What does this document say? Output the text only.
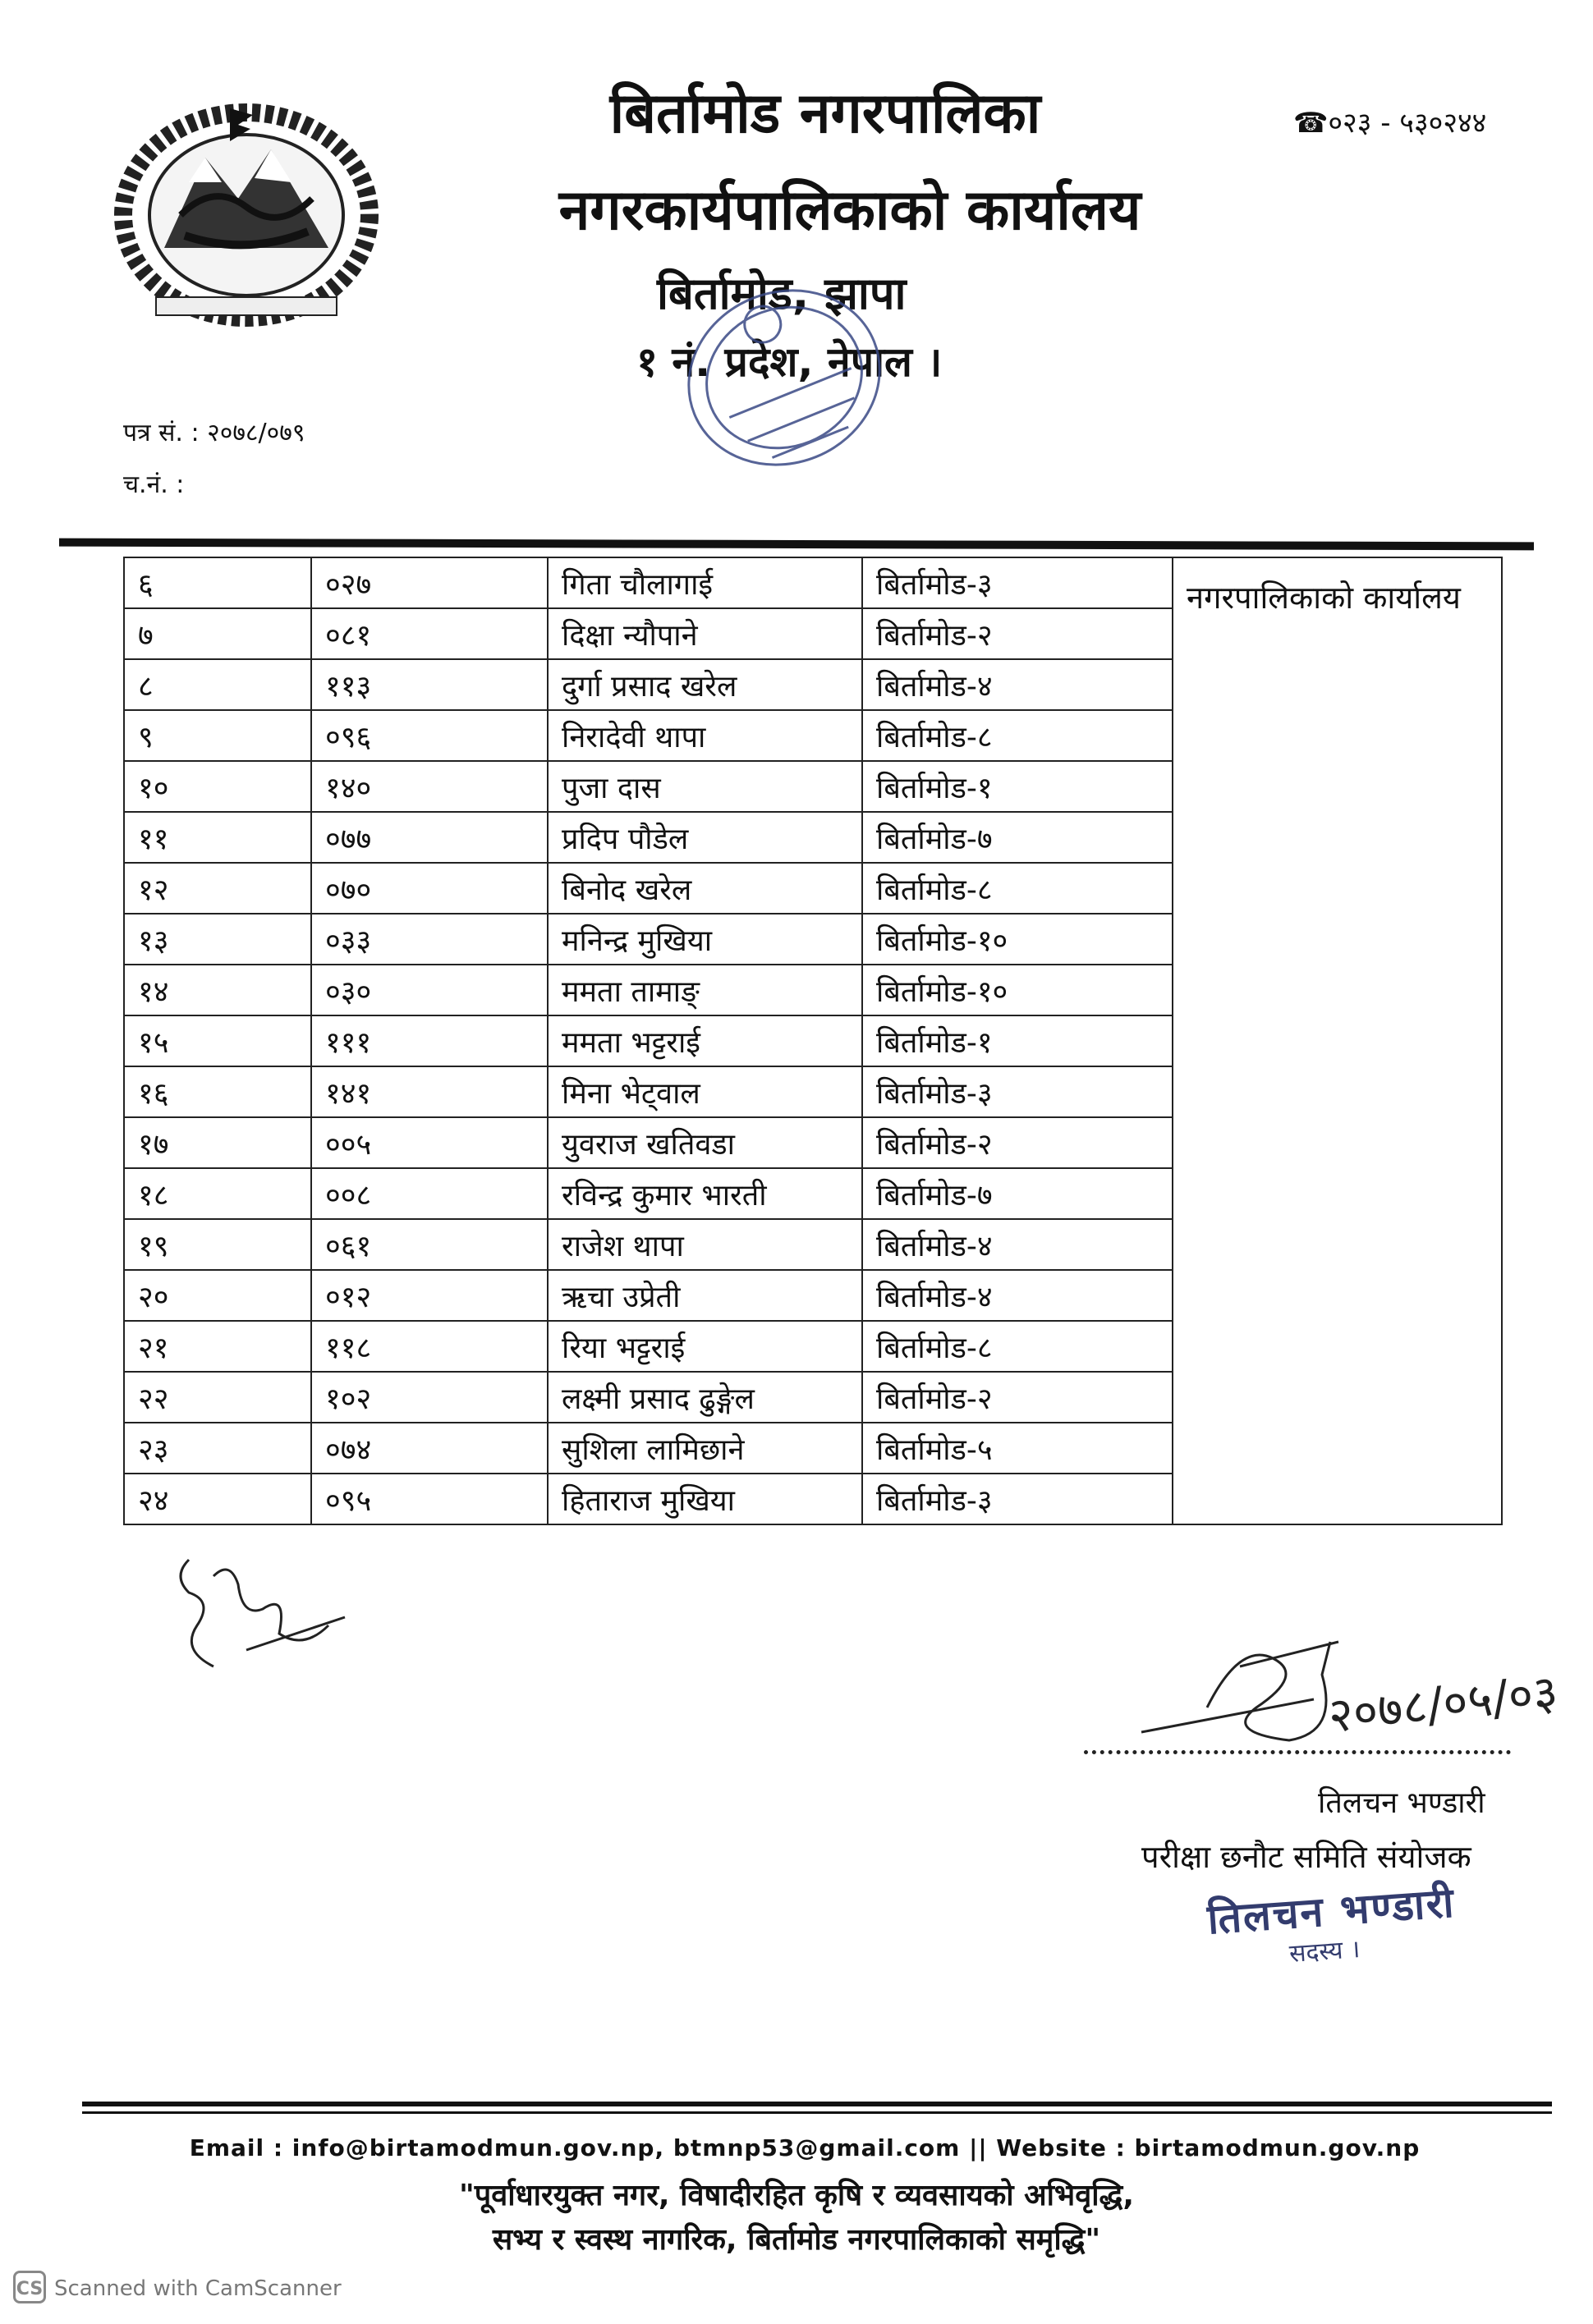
बिर्तामोड नगरपालिका
नगरकार्यपालिकाको कार्यालय
बिर्तामोड, झापा
१ नं. प्रदेश, नेपाल ।
☎०२३ - ५३०२४४
पत्र सं. : २०७८/०७९
च.नं. :
६	०२७	गिता चौलागाई	बिर्तामोड-३	नगरपालिकाको कार्यालय
७	०८१	दिक्षा न्यौपाने	बिर्तामोड-२	
८	११३	दुर्गा प्रसाद खरेल	बिर्तामोड-४	
९	०९६	निरादेवी थापा	बिर्तामोड-८	
१०	१४०	पुजा दास	बिर्तामोड-१	
११	०७७	प्रदिप पौडेल	बिर्तामोड-७	
१२	०७०	बिनोद खरेल	बिर्तामोड-८	
१३	०३३	मनिन्द्र मुखिया	बिर्तामोड-१०	
१४	०३०	ममता तामाङ्	बिर्तामोड-१०	
१५	१११	ममता भट्टराई	बिर्तामोड-१	
१६	१४१	मिना भेट्वाल	बिर्तामोड-३	
१७	००५	युवराज खतिवडा	बिर्तामोड-२	
१८	००८	रविन्द्र कुमार भारती	बिर्तामोड-७	
१९	०६१	राजेश थापा	बिर्तामोड-४	
२०	०१२	ऋचा उप्रेती	बिर्तामोड-४	
२१	११८	रिया भट्टराई	बिर्तामोड-८	
२२	१०२	लक्ष्मी प्रसाद ढुङ्गेल	बिर्तामोड-२	
२३	०७४	सुशिला लामिछाने	बिर्तामोड-५	
२४	०९५	हिताराज मुखिया	बिर्तामोड-३	
२०७८/०५/०३
तिलचन भण्डारी
परीक्षा छनौट समिति संयोजक
तिलचन भण्डारी
सदस्य ।
Email : info@birtamodmun.gov.np, btmnp53@gmail.com || Website : birtamodmun.gov.np
"पूर्वाधारयुक्त नगर, विषादीरहित कृषि र व्यवसायको अभिवृद्धि,
सभ्य र स्वस्थ नागरिक, बिर्तामोड नगरपालिकाको समृद्धि"
CS Scanned with CamScanner
